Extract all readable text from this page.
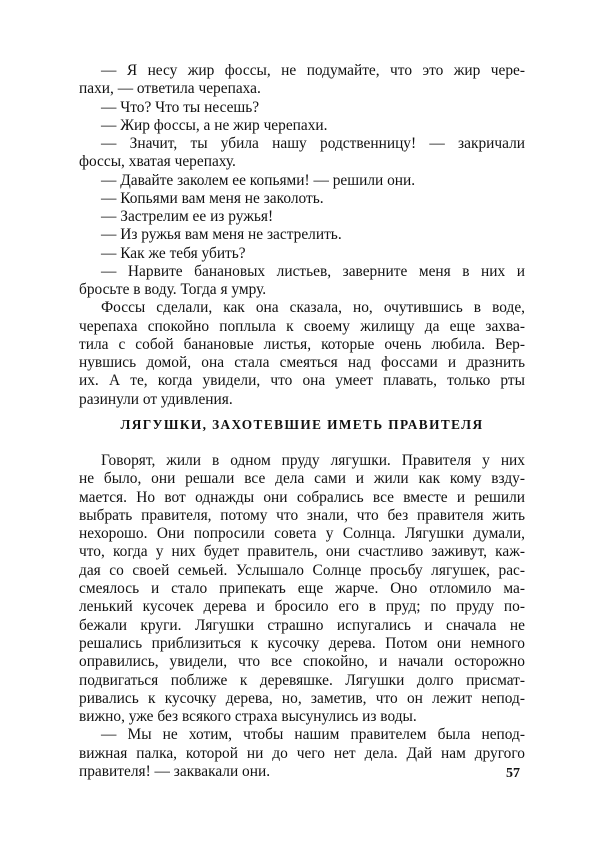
— Я несу жир фоссы, не подумайте, что это жир чере-
пахи, — ответила черепаха.
— Что? Что ты несешь?
— Жир фоссы, а не жир черепахи.
— Значит, ты убила нашу родственницу! — закричали
фоссы, хватая черепаху.
— Давайте заколем ее копьями! — решили они.
— Копьями вам меня не заколоть.
— Застрелим ее из ружья!
— Из ружья вам меня не застрелить.
— Как же тебя убить?
— Нарвите банановых листьев, заверните меня в них и
бросьте в воду. Тогда я умру.
Фоссы сделали, как она сказала, но, очутившись в воде,
черепаха спокойно поплыла к своему жилищу да еще захва-
тила с собой банановые листья, которые очень любила. Вер-
нувшись домой, она стала смеяться над фоссами и дразнить
их. А те, когда увидели, что она умеет плавать, только рты
разинули от удивления.
ЛЯГУШКИ, ЗАХОТЕВШИЕ ИМЕТЬ ПРАВИТЕЛЯ
Говорят, жили в одном пруду лягушки. Правителя у них
не было, они решали все дела сами и жили как кому взду-
мается. Но вот однажды они собрались все вместе и решили
выбрать правителя, потому что знали, что без правителя жить
нехорошо. Они попросили совета у Солнца. Лягушки думали,
что, когда у них будет правитель, они счастливо заживут, каж-
дая со своей семьей. Услышало Солнце просьбу лягушек, рас-
смеялось и стало припекать еще жарче. Оно отломило ма-
ленький кусочек дерева и бросило его в пруд; по пруду по-
бежали круги. Лягушки страшно испугались и сначала не
решались приблизиться к кусочку дерева. Потом они немного
оправились, увидели, что все спокойно, и начали осторожно
подвигаться поближе к деревяшке. Лягушки долго присмат-
ривались к кусочку дерева, но, заметив, что он лежит непод-
вижно, уже без всякого страха высунулись из воды.
— Мы не хотим, чтобы нашим правителем была непод-
вижная палка, которой ни до чего нет дела. Дай нам другого
правителя! — заквакали они.	57
